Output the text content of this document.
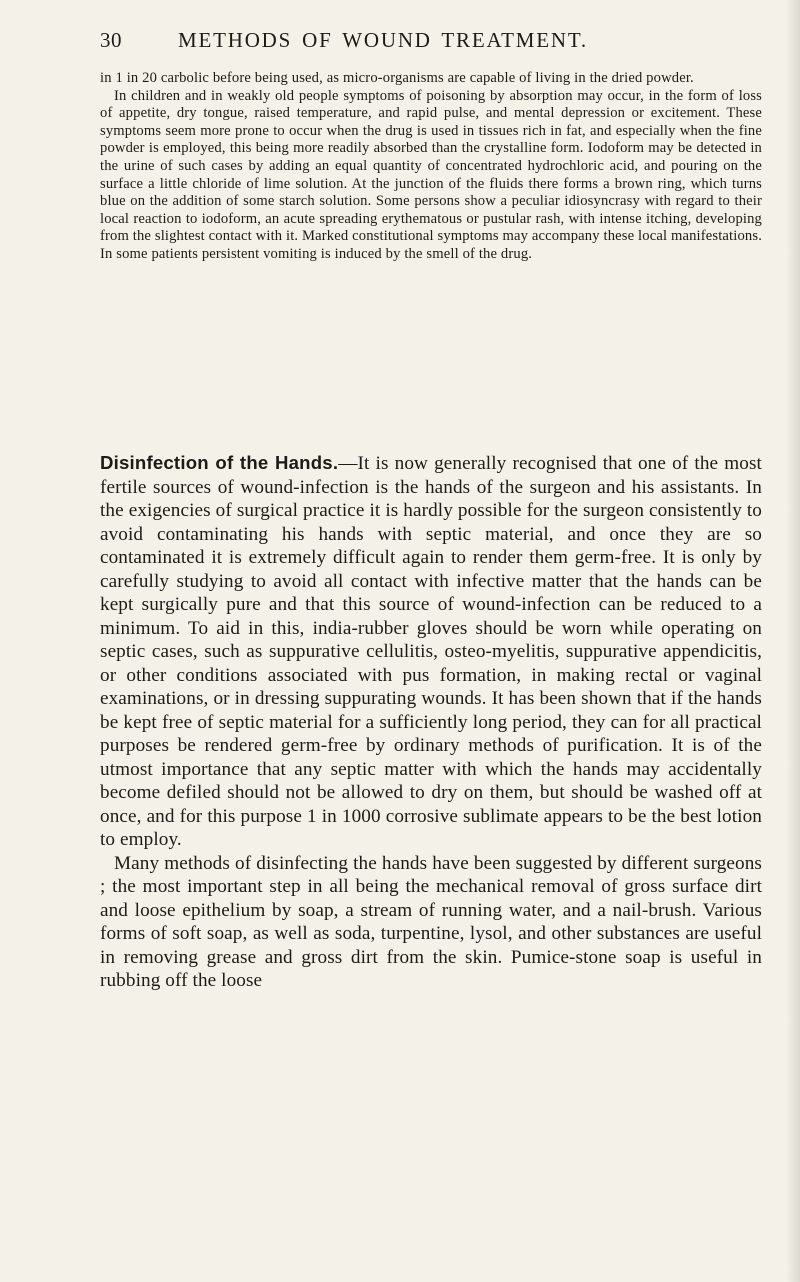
30	METHODS OF WOUND TREATMENT.

in 1 in 20 carbolic before being used, as micro-organisms are capable of living in the dried powder.

In children and in weakly old people symptoms of poisoning by absorption may occur, in the form of loss of appetite, dry tongue, raised temperature, and rapid pulse, and mental depression or excitement. These symptoms seem more prone to occur when the drug is used in tissues rich in fat, and especially when the fine powder is employed, this being more readily absorbed than the crystalline form. Iodoform may be detected in the urine of such cases by adding an equal quantity of concentrated hydrochloric acid, and pouring on the surface a little chloride of lime solution. At the junction of the fluids there forms a brown ring, which turns blue on the addition of some starch solution. Some persons show a peculiar idiosyncrasy with regard to their local reaction to iodoform, an acute spreading erythematous or pustular rash, with intense itching, developing from the slightest contact with it. Marked constitutional symptoms may accompany these local manifestations. In some patients persistent vomiting is induced by the smell of the drug.

Disinfection of the Hands.—It is now generally recognised that one of the most fertile sources of wound-infection is the hands of the surgeon and his assistants. In the exigencies of surgical practice it is hardly possible for the surgeon consistently to avoid contaminating his hands with septic material, and once they are so contaminated it is extremely difficult again to render them germ-free. It is only by carefully studying to avoid all contact with infective matter that the hands can be kept surgically pure and that this source of wound-infection can be reduced to a minimum. To aid in this, india-rubber gloves should be worn while operating on septic cases, such as suppurative cellulitis, osteo-myelitis, suppurative appendicitis, or other conditions associated with pus formation, in making rectal or vaginal examinations, or in dressing suppurating wounds. It has been shown that if the hands be kept free of septic material for a sufficiently long period, they can for all practical purposes be rendered germ-free by ordinary methods of purification. It is of the utmost importance that any septic matter with which the hands may accidentally become defiled should not be allowed to dry on them, but should be washed off at once, and for this purpose 1 in 1000 corrosive sublimate appears to be the best lotion to employ.

Many methods of disinfecting the hands have been suggested by different surgeons ; the most important step in all being the mechanical removal of gross surface dirt and loose epithelium by soap, a stream of running water, and a nail-brush. Various forms of soft soap, as well as soda, turpentine, lysol, and other substances are useful in removing grease and gross dirt from the skin. Pumice-stone soap is useful in rubbing off the loose
